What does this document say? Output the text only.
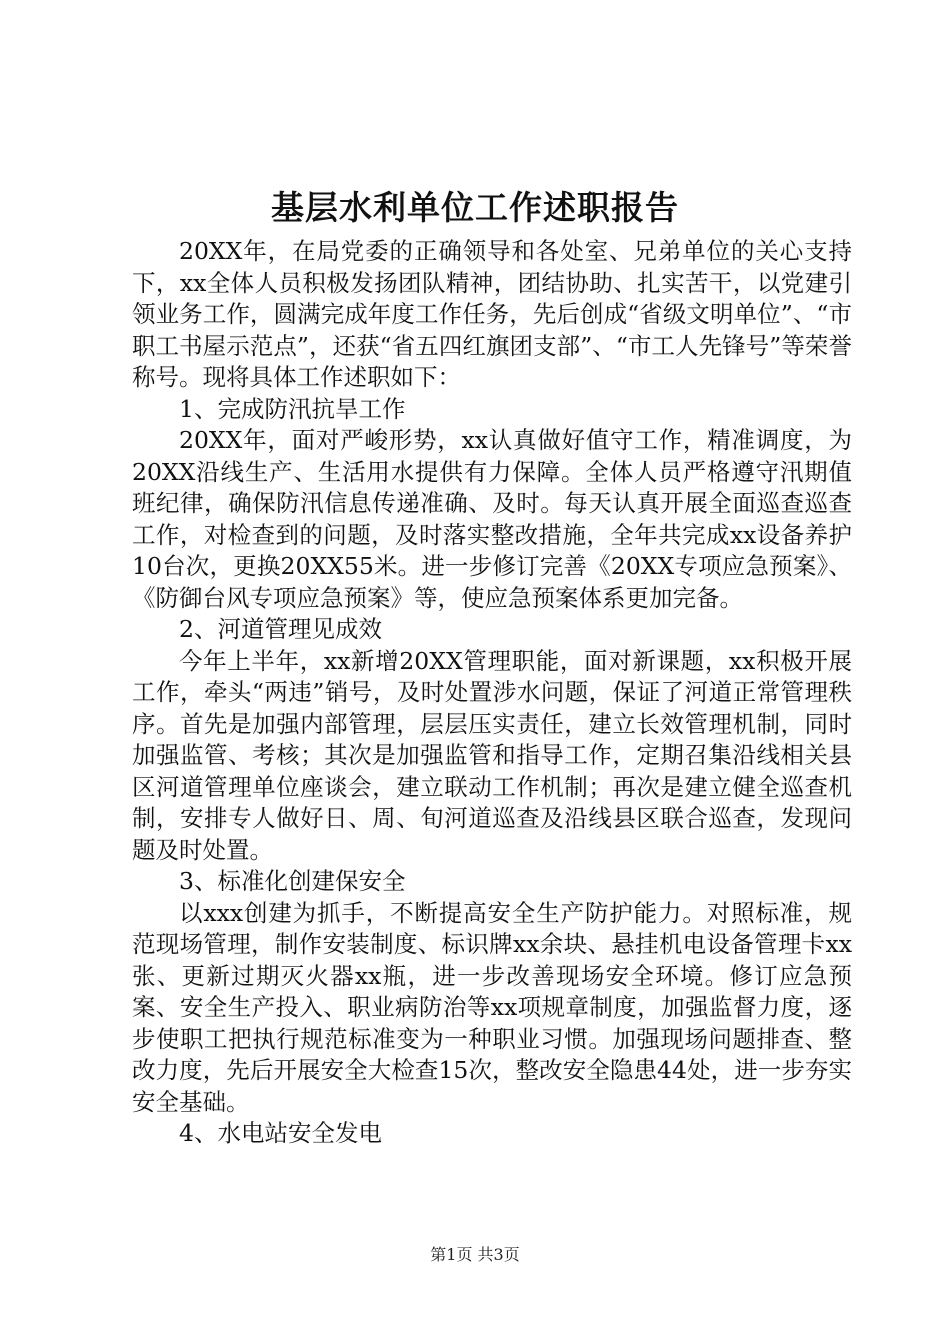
基层水利单位工作述职报告

20XX年，在局党委的正确领导和各处室、兄弟单位的关心支持下，xx全体人员积极发扬团队精神，团结协助、扎实苦干，以党建引领业务工作，圆满完成年度工作任务，先后创成“省级文明单位”、“市职工书屋示范点”，还获“省五四红旗团支部”、“市工人先锋号”等荣誉称号。现将具体工作述职如下：

1、完成防汛抗旱工作

20XX年，面对严峻形势，xx认真做好值守工作，精准调度，为20XX沿线生产、生活用水提供有力保障。全体人员严格遵守汛期值班纪律，确保防汛信息传递准确、及时。每天认真开展全面巡查巡查工作，对检查到的问题，及时落实整改措施，全年共完成xx设备养护10台次，更换20XX55米。进一步修订完善《20XX专项应急预案》、《防御台风专项应急预案》等，使应急预案体系更加完备。

2、河道管理见成效

今年上半年，xx新增20XX管理职能，面对新课题，xx积极开展工作，牵头“两违”销号，及时处置涉水问题，保证了河道正常管理秩序。首先是加强内部管理，层层压实责任，建立长效管理机制，同时加强监管、考核；其次是加强监管和指导工作，定期召集沿线相关县区河道管理单位座谈会，建立联动工作机制；再次是建立健全巡查机制，安排专人做好日、周、旬河道巡查及沿线县区联合巡查，发现问题及时处置。

3、标准化创建保安全

以xxx创建为抓手，不断提高安全生产防护能力。对照标准，规范现场管理，制作安装制度、标识牌xx余块、悬挂机电设备管理卡xx张、更新过期灭火器xx瓶，进一步改善现场安全环境。修订应急预案、安全生产投入、职业病防治等xx项规章制度，加强监督力度，逐步使职工把执行规范标准变为一种职业习惯。加强现场问题排查、整改力度，先后开展安全大检查15次，整改安全隐患44处，进一步夯实安全基础。

4、水电站安全发电

第1页 共3页
